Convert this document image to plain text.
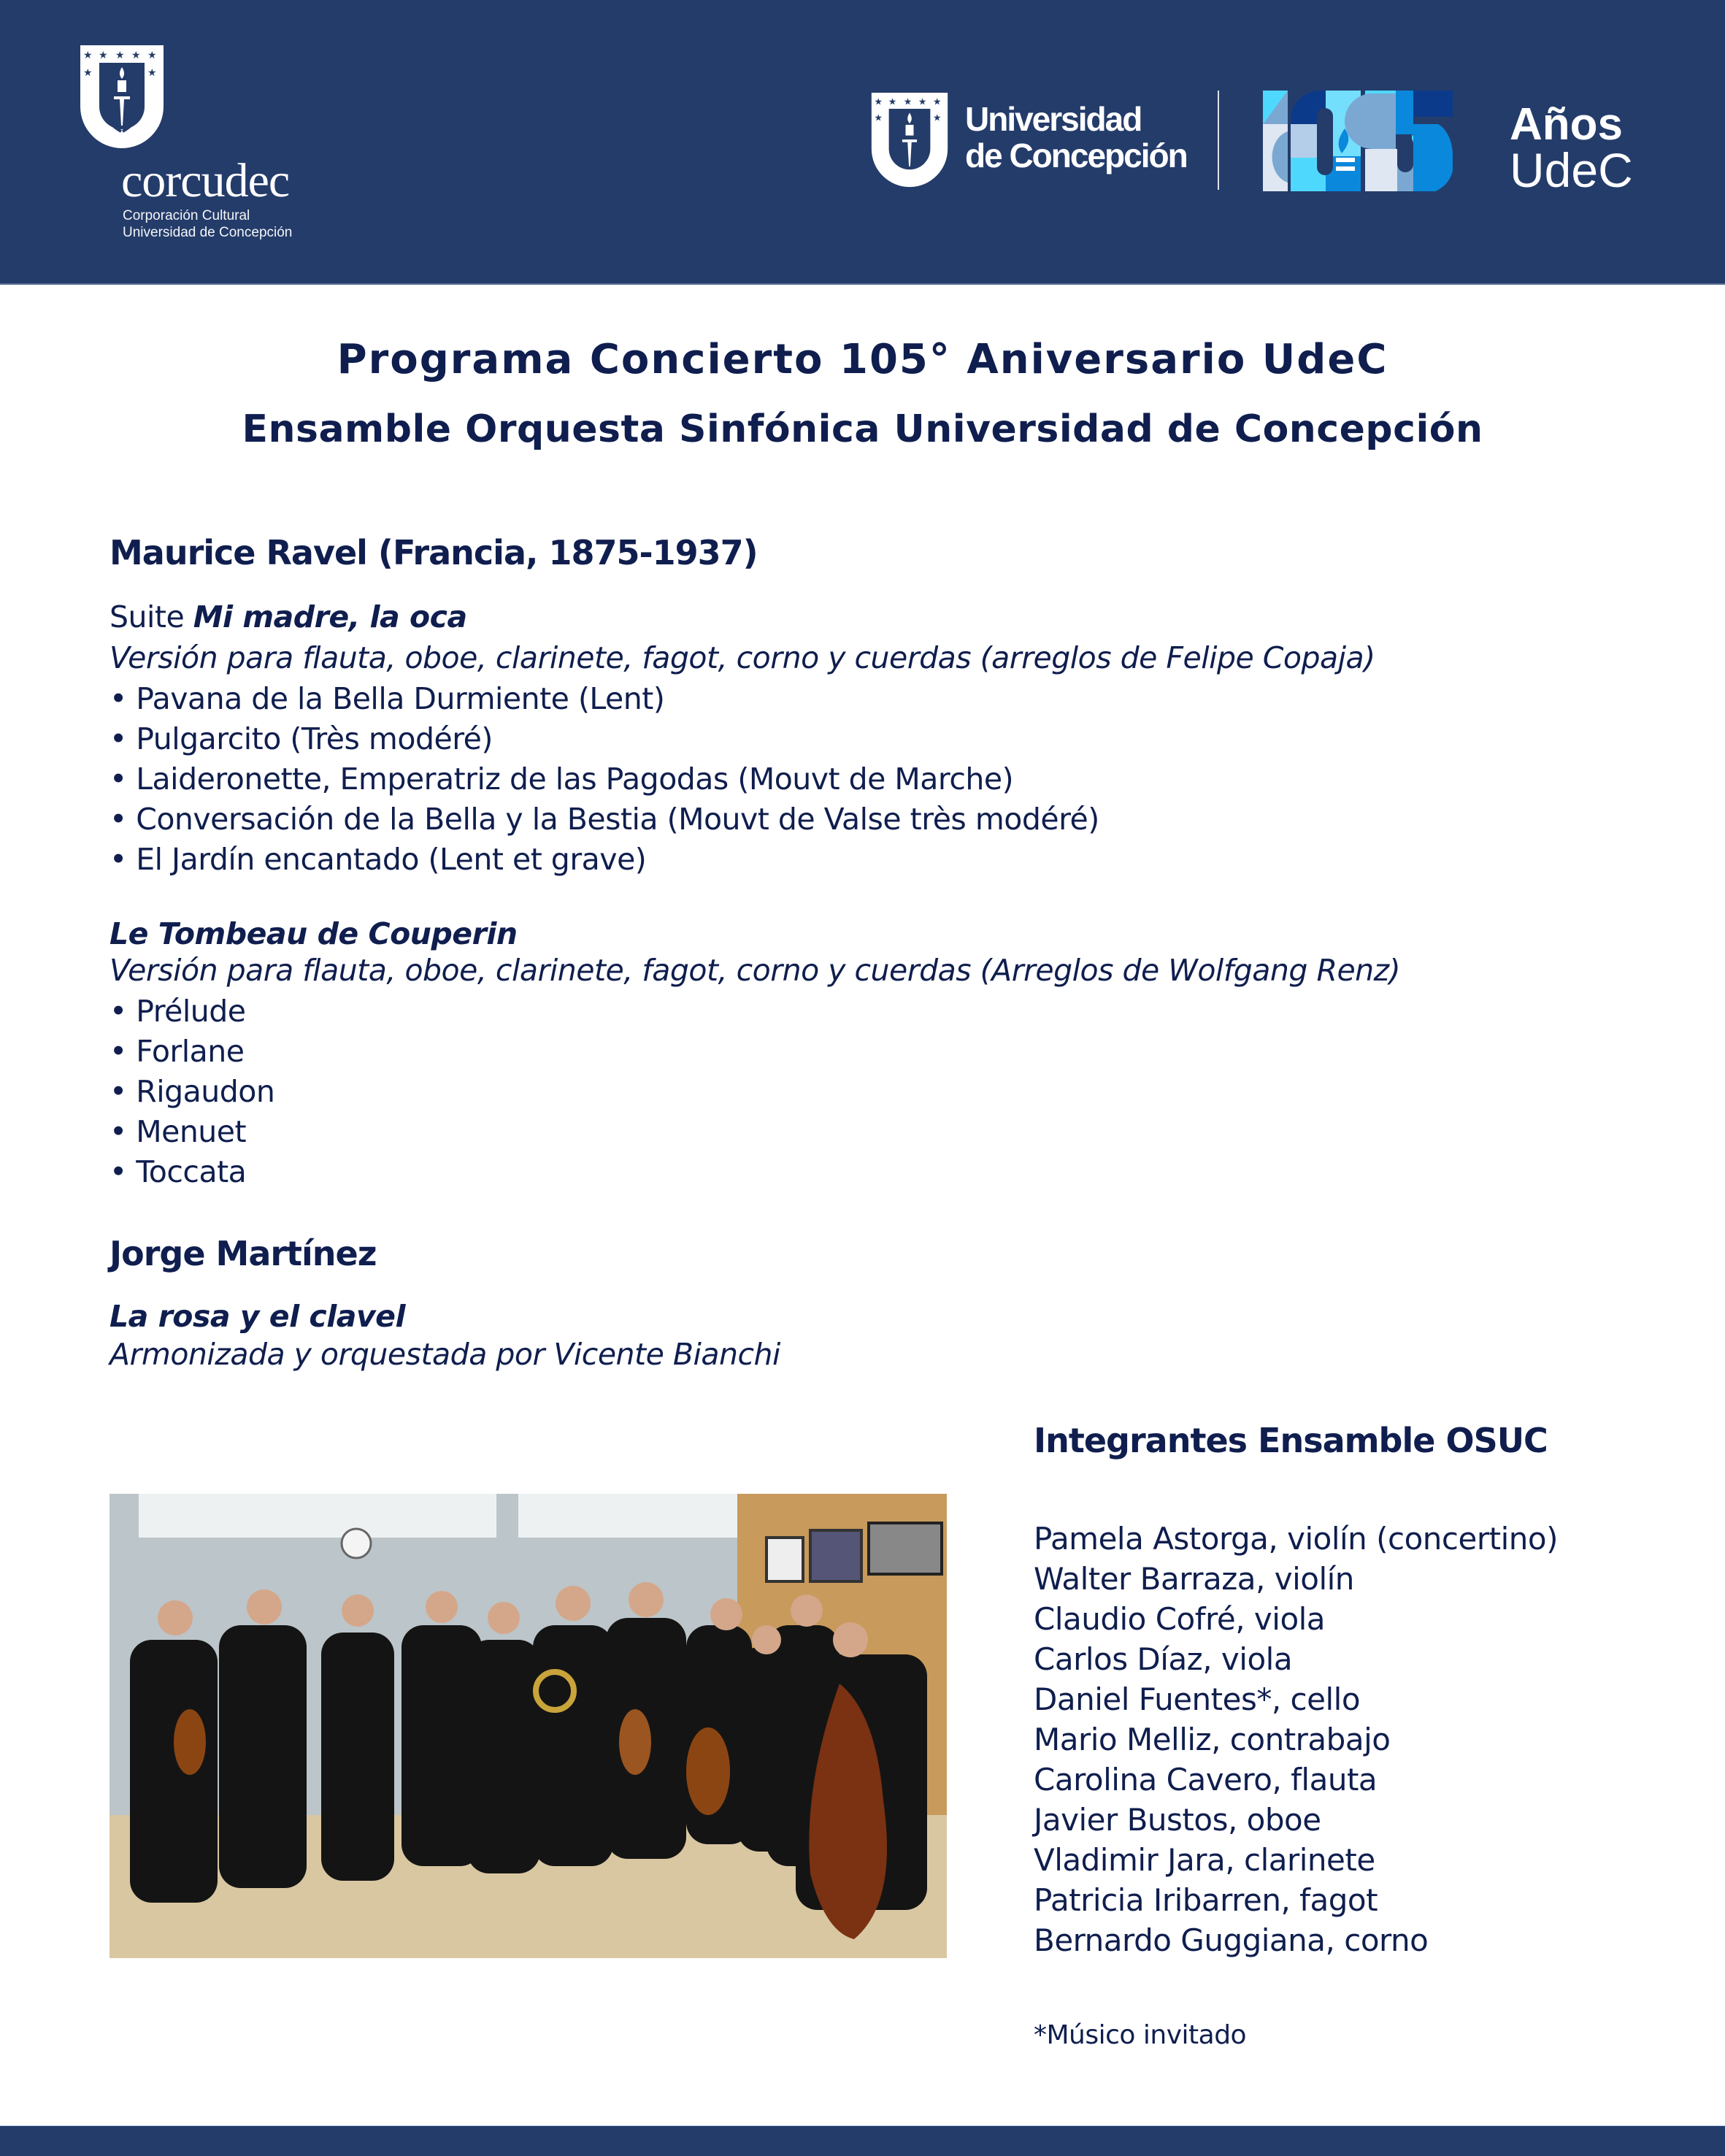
★ ★ ★ ★ ★
★	★
corcudec
Corporación Cultural
Universidad de Concepción
★ ★ ★ ★ ★
★	★ Universidad
de Concepción
Años
UdeC
Programa Concierto 105° Aniversario UdeC
Ensamble Orquesta Sinfónica Universidad de Concepción
Maurice Ravel (Francia, 1875-1937)
Suite Mi madre, la oca
Versión para flauta, oboe, clarinete, fagot, corno y cuerdas (arreglos de Felipe Copaja)
• Pavana de la Bella Durmiente (Lent)
• Pulgarcito (Très modéré)
• Laideronette, Emperatriz de las Pagodas (Mouvt de Marche)
• Conversación de la Bella y la Bestia (Mouvt de Valse très modéré)
• El Jardín encantado (Lent et grave)
Le Tombeau de Couperin
Versión para flauta, oboe, clarinete, fagot, corno y cuerdas (Arreglos de Wolfgang Renz)
• Prélude
• Forlane
• Rigaudon
• Menuet
• Toccata
Jorge Martínez
La rosa y el clavel
Armonizada y orquestada por Vicente Bianchi
Integrantes Ensamble OSUC
Pamela Astorga, violín (concertino)
Walter Barraza, violín
Claudio Cofré, viola
Carlos Díaz, viola
Daniel Fuentes*, cello
Mario Melliz, contrabajo
Carolina Cavero, flauta
Javier Bustos, oboe
Vladimir Jara, clarinete
Patricia Iribarren, fagot
Bernardo Guggiana, corno
*Músico invitado
